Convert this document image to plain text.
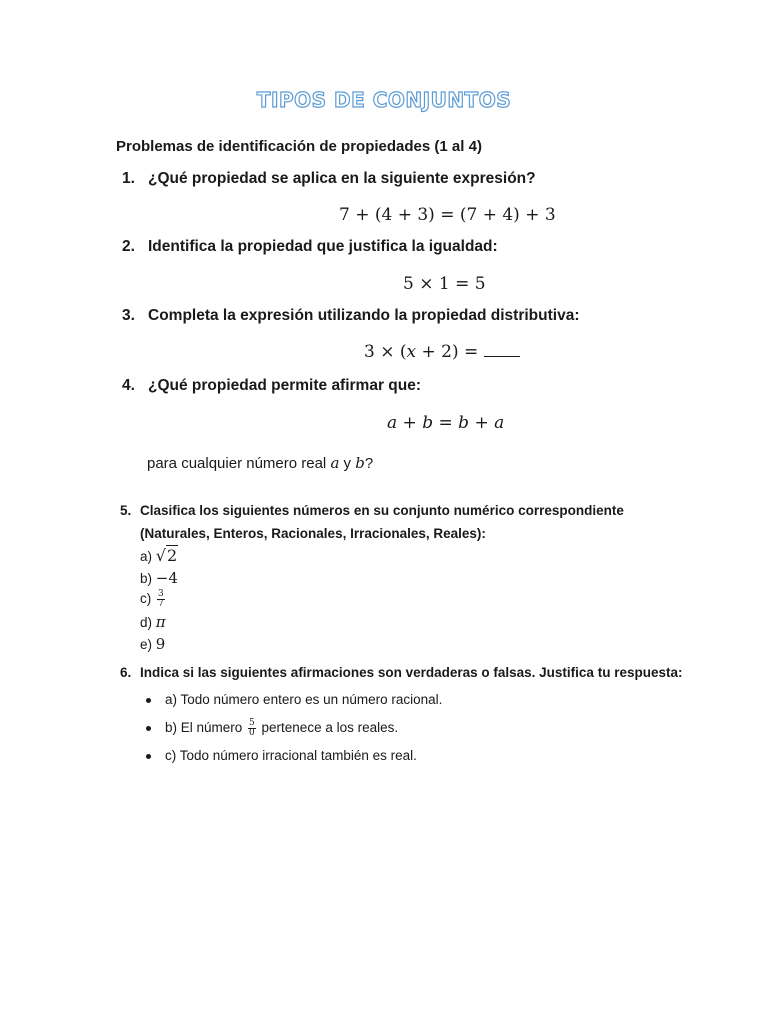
TIPOS DE CONJUNTOS
Problemas de identificación de propiedades (1 al 4)
1. ¿Qué propiedad se aplica en la siguiente expresión?
7 + (4 + 3) = (7 + 4) + 3
2. Identifica la propiedad que justifica la igualdad:
5 × 1 = 5
3. Completa la expresión utilizando la propiedad distributiva:
3 × (x + 2) =
4. ¿Qué propiedad permite afirmar que:
a + b = b + a
para cualquier número real a y b?
5. Clasifica los siguientes números en su conjunto numérico correspondiente
(Naturales, Enteros, Racionales, Irracionales, Reales):
a) √2
b) −4
$c) \frac{3}{7}$
d) π
e) 9
6. Indica si las siguientes afirmaciones son verdaderas o falsas. Justifica tu respuesta:
a) Todo número entero es un número racional.
b) El número $\frac{5}{0}$ pertenece a los reales.
c) Todo número irracional también es real.
